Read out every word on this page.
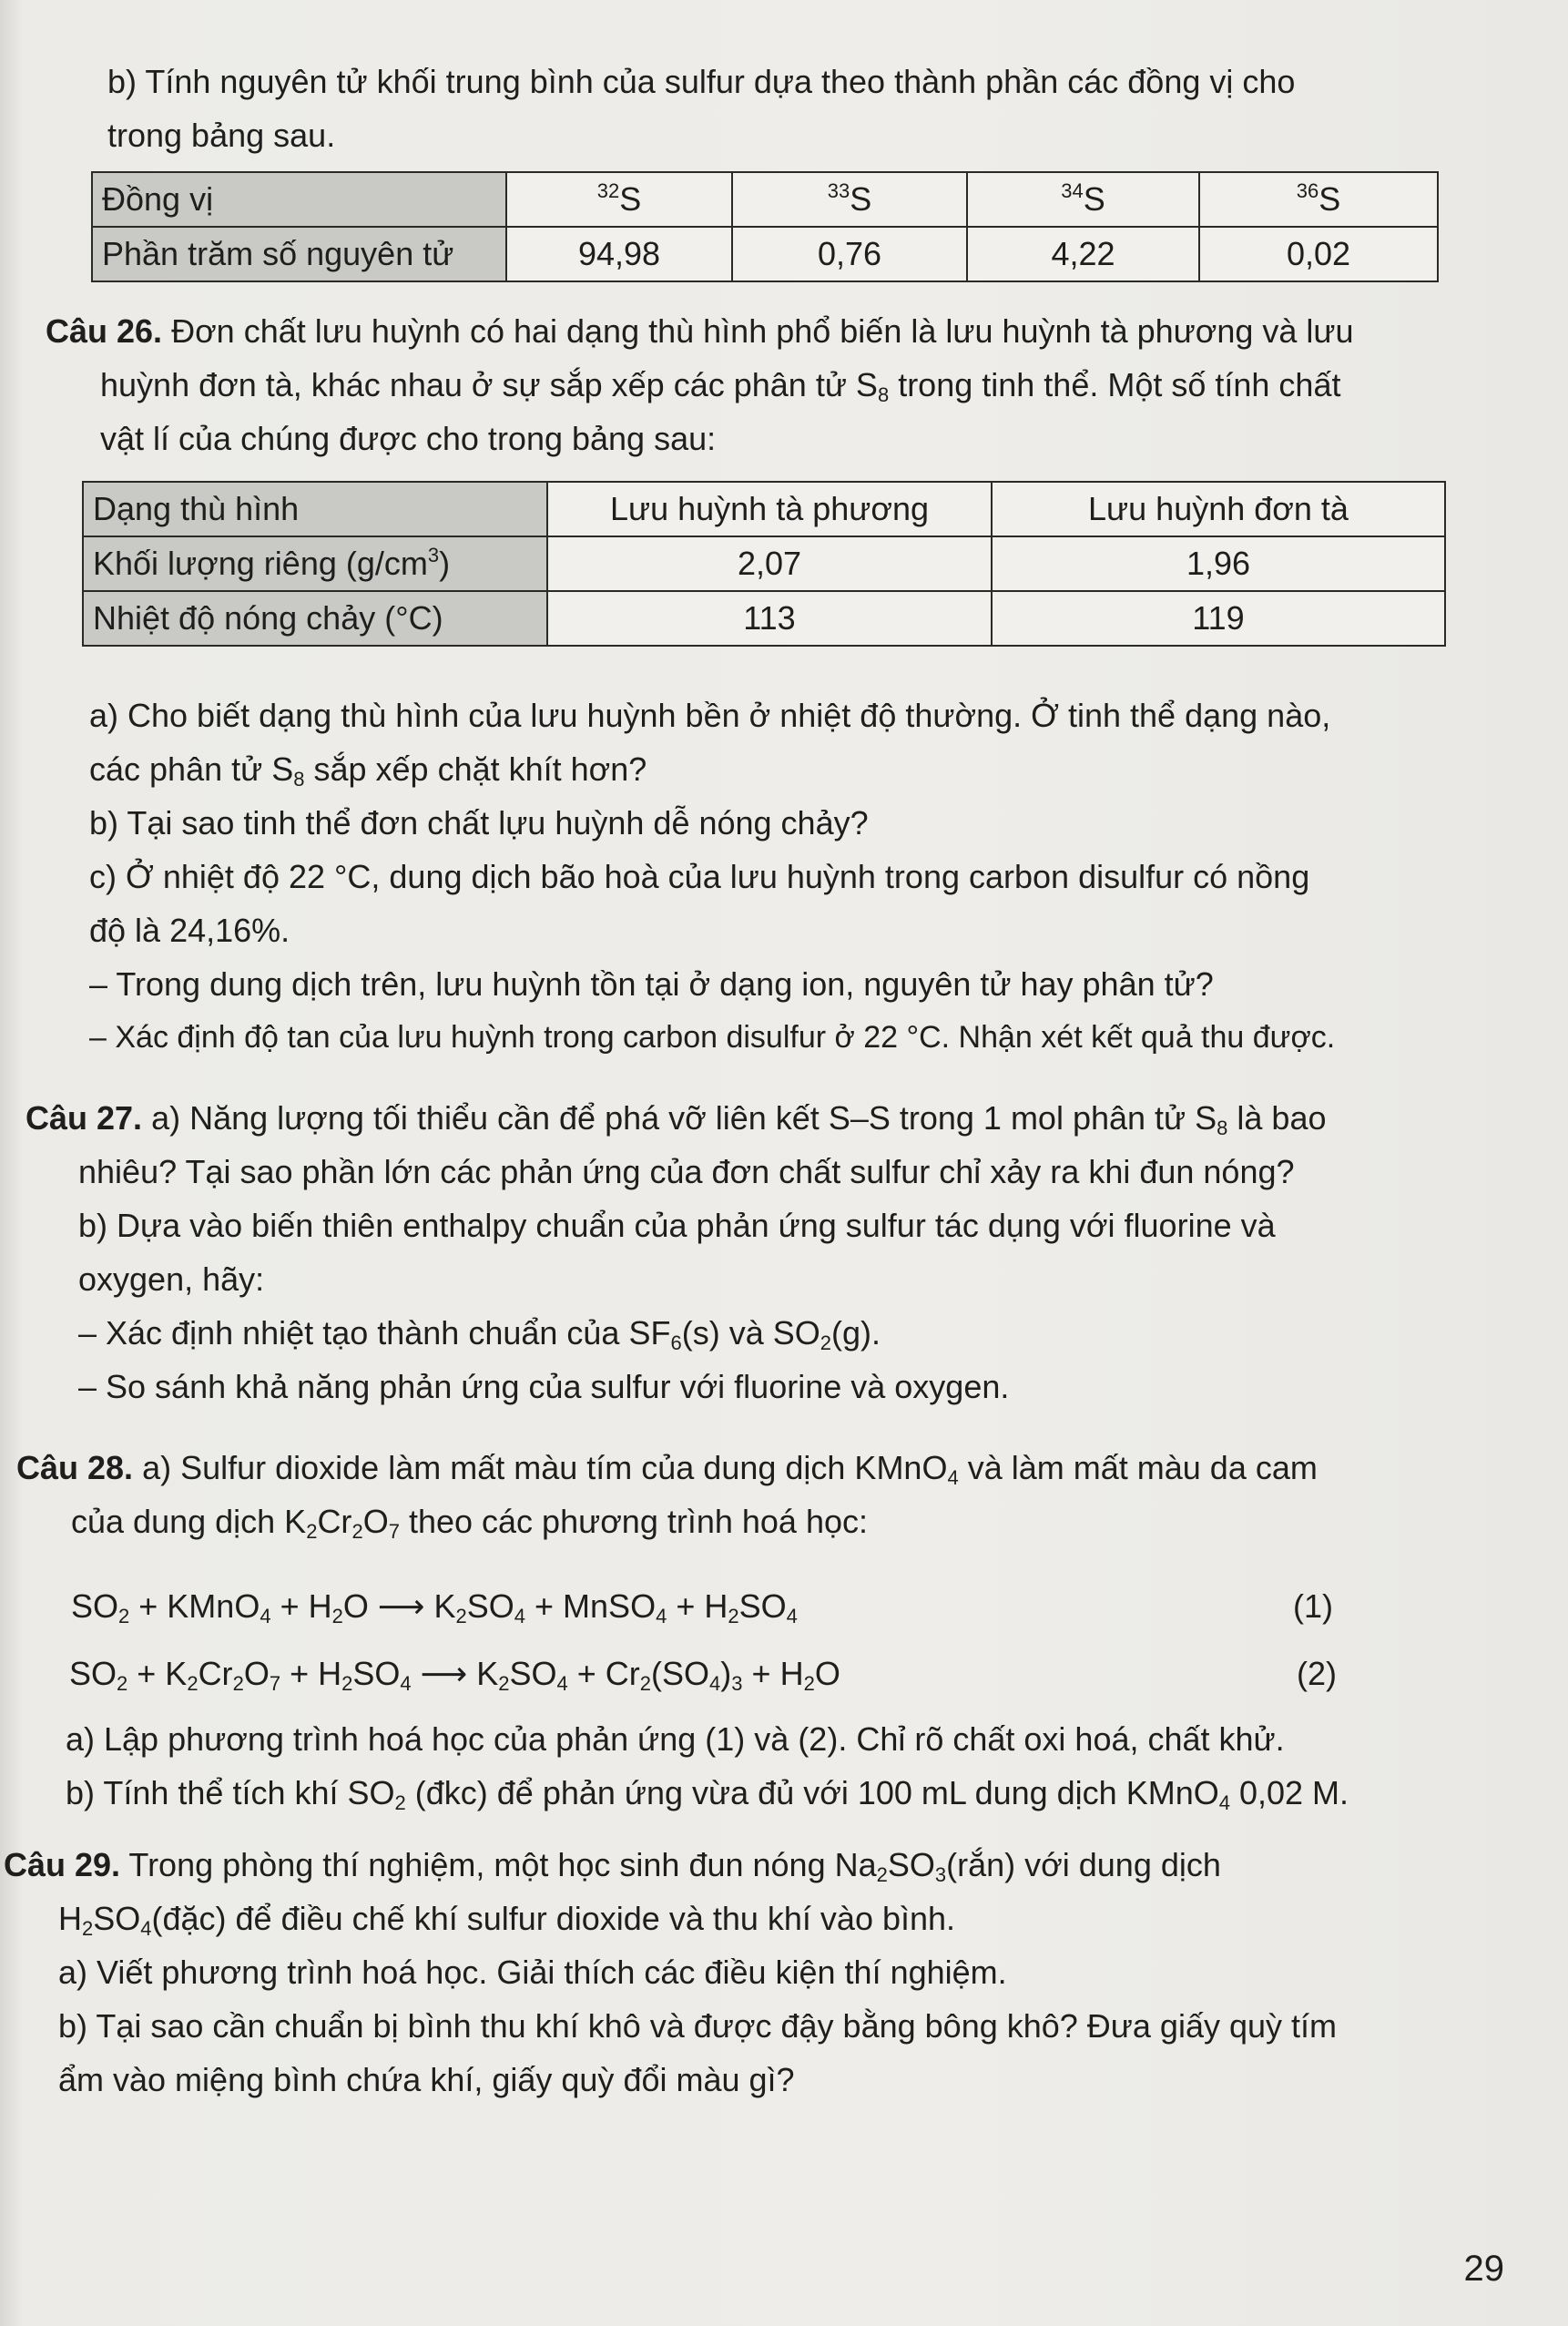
b) Tính nguyên tử khối trung bình của sulfur dựa theo thành phần các đồng vị cho
trong bảng sau.
Đồng vị	$^{32}$S	$^{33}$S	$^{34}$S	$^{36}$S
Phần trăm số nguyên tử	94,98	0,76	4,22	0,02
Câu 26. Đơn chất lưu huỳnh có hai dạng thù hình phổ biến là lưu huỳnh tà phương và lưu
huỳnh đơn tà, khác nhau ở sự sắp xếp các phân tử $S_8$ trong tinh thể. Một số tính chất
vật lí của chúng được cho trong bảng sau:
Dạng thù hình	Lưu huỳnh tà phương	Lưu huỳnh đơn tà
Khối lượng riêng $(g/cm^3)$	2,07	1,96
Nhiệt độ nóng chảy (°C)	113	119
a) Cho biết dạng thù hình của lưu huỳnh bền ở nhiệt độ thường. Ở tinh thể dạng nào,
các phân tử $S_8$ sắp xếp chặt khít hơn?
b) Tại sao tinh thể đơn chất lựu huỳnh dễ nóng chảy?
c) Ở nhiệt độ 22 °C, dung dịch bão hoà của lưu huỳnh trong carbon disulfur có nồng
độ là 24,16%.
– Trong dung dịch trên, lưu huỳnh tồn tại ở dạng ion, nguyên tử hay phân tử?
– Xác định độ tan của lưu huỳnh trong carbon disulfur ở 22 °C. Nhận xét kết quả thu được.
Câu 27. a) Năng lượng tối thiểu cần để phá vỡ liên kết S–S trong 1 mol phân tử $S_8$ là bao
nhiêu? Tại sao phần lớn các phản ứng của đơn chất sulfur chỉ xảy ra khi đun nóng?
b) Dựa vào biến thiên enthalpy chuẩn của phản ứng sulfur tác dụng với fluorine và
oxygen, hãy:
– Xác định nhiệt tạo thành chuẩn của $SF_6(s)$ và $SO_2(g)$.
– So sánh khả năng phản ứng của sulfur với fluorine và oxygen.
Câu 28. a) Sulfur dioxide làm mất màu tím của dung dịch KMnO$_4$ và làm mất màu da cam
của dung dịch $K_2Cr_2O_7$ theo các phương trình hoá học:
$SO_2$ + KMnO$_4$ + $H_2O$ ⟶ $K_2SO_4$ + MnSO$_4$ + $H_2SO_4$	(1)
$SO_2 + K_2Cr_2O_7 + H_2SO_4$ ⟶ $K_2SO_4 + Cr_2(SO_4)_3 + H_2O$	(2)
a) Lập phương trình hoá học của phản ứng (1) và (2). Chỉ rõ chất oxi hoá, chất khử.
b) Tính thể tích khí $SO_2$ (đkc) để phản ứng vừa đủ với 100 mL dung dịch KMnO$_4$ 0,02 M.
Câu 29. Trong phòng thí nghiệm, một học sinh đun nóng $Na_2SO_3(rắn)$ với dung dịch
$H_2SO_4(đặc)$ để điều chế khí sulfur dioxide và thu khí vào bình.
a) Viết phương trình hoá học. Giải thích các điều kiện thí nghiệm.
b) Tại sao cần chuẩn bị bình thu khí khô và được đậy bằng bông khô? Đưa giấy quỳ tím
ẩm vào miệng bình chứa khí, giấy quỳ đổi màu gì?
29
